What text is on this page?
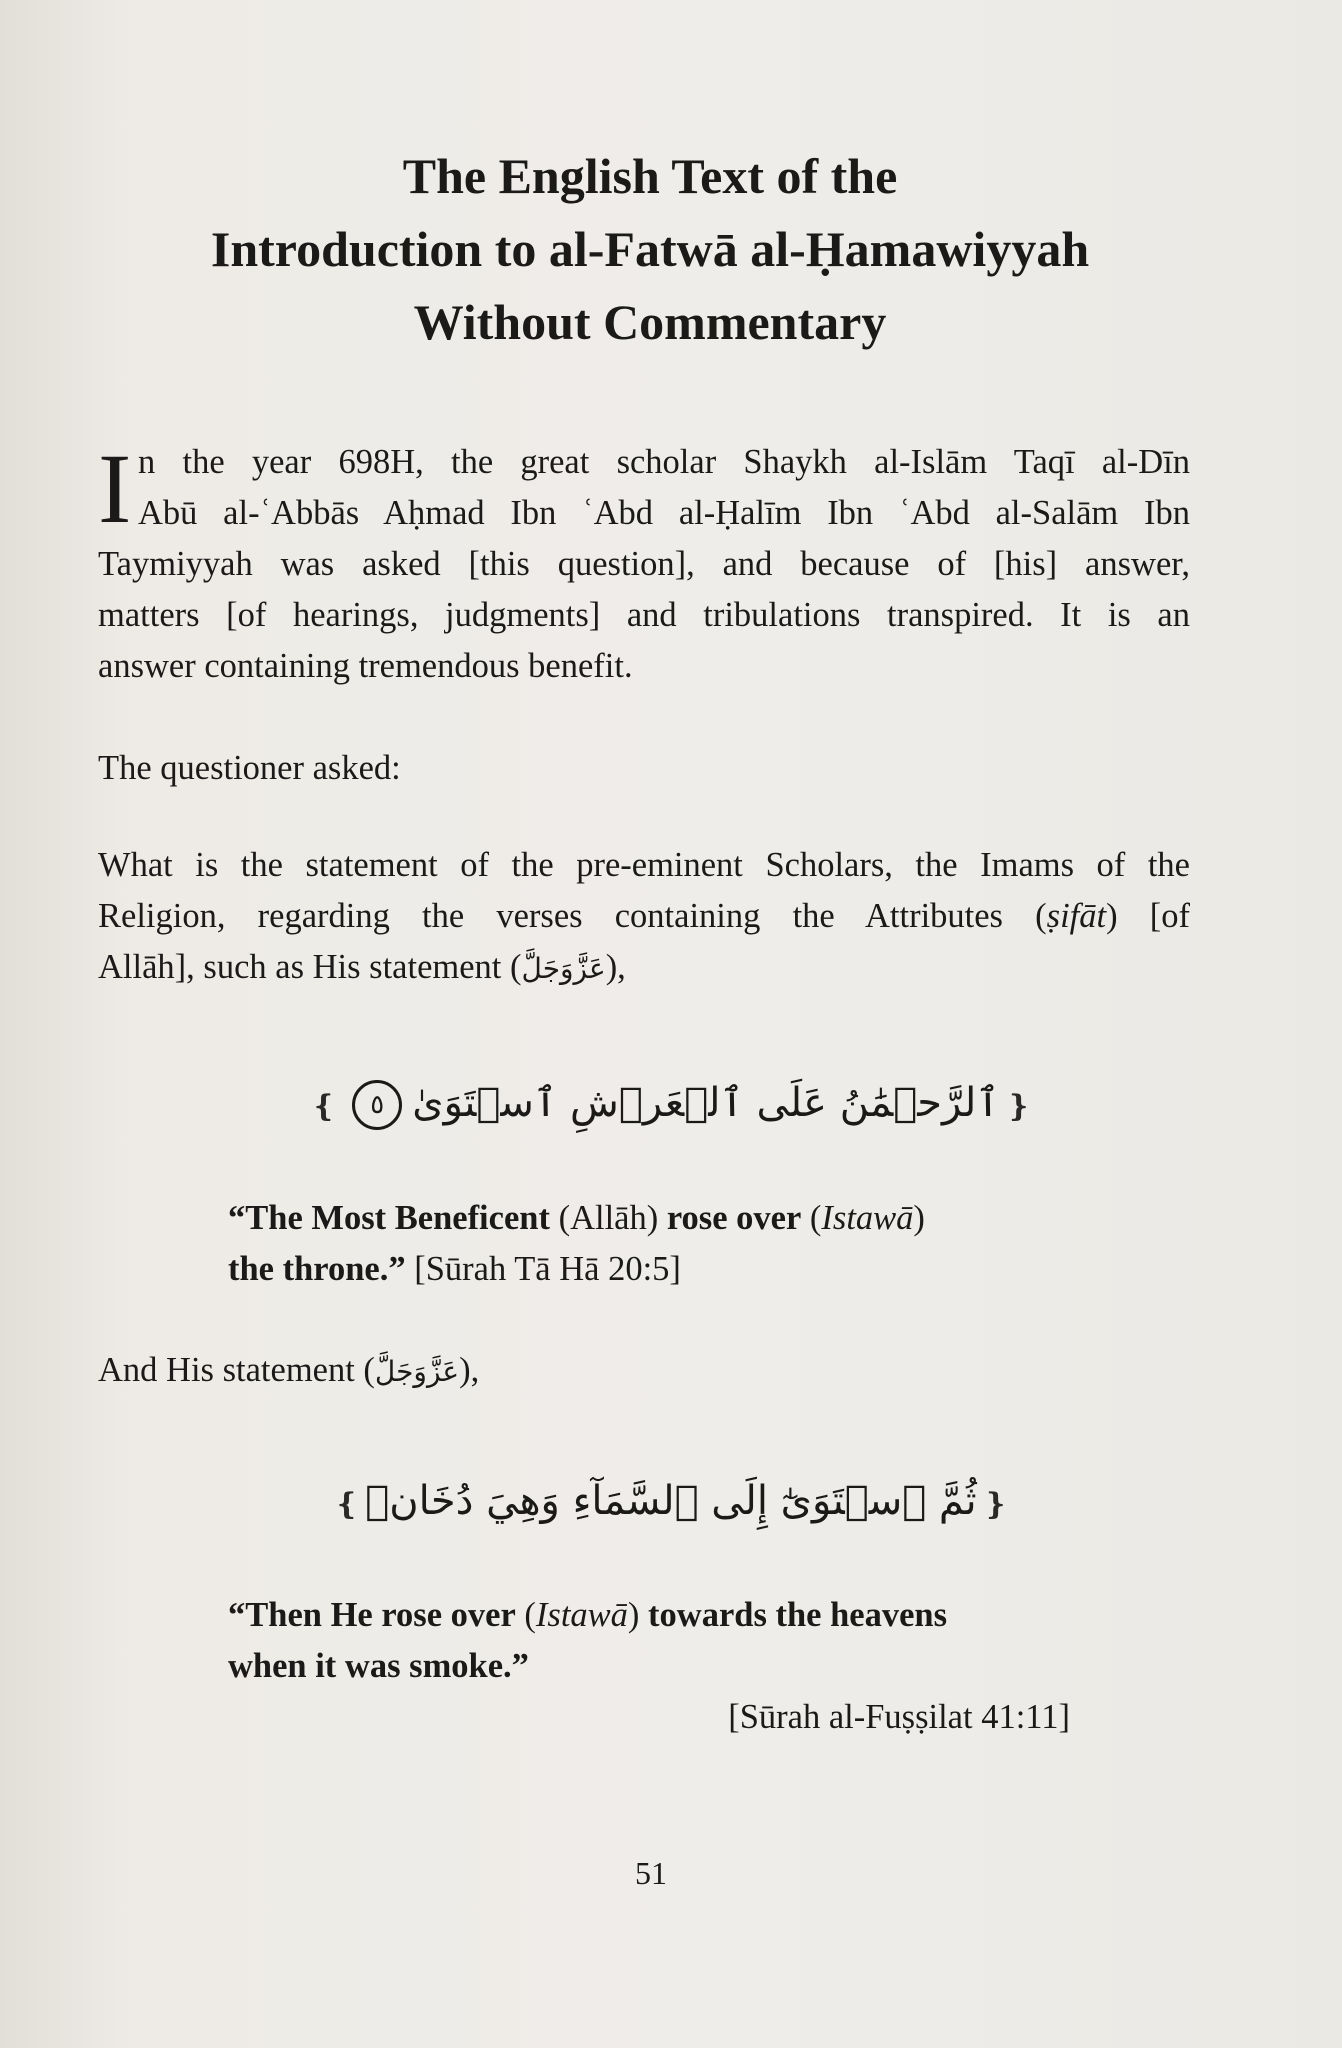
The English Text of the
Introduction to al-Fatwā al-Ḥamawiyyah
Without Commentary
I n the year 698H, the great scholar Shaykh al-Islām Taqī al-Dīn
Abū al-ʿAbbās Aḥmad Ibn ʿAbd al-Ḥalīm Ibn ʿAbd al-Salām Ibn
Taymiyyah was asked [this question], and because of [his] answer,
matters [of hearings, judgments] and tribulations transpired. It is an
answer containing tremendous benefit.
The questioner asked:
What is the statement of the pre-eminent Scholars, the Imams of the
Religion, regarding the verses containing the Attributes (ṣifāt) [of
Allāh], such as His statement (عَزَّوَجَلَّ),
❴ٱلرَّحۡمَٰنُ عَلَى ٱلۡعَرۡشِ ٱسۡتَوَىٰ٥❵
“The Most Beneficent (Allāh) rose over (Istawā)
the throne.” [Sūrah Tā Hā 20:5]
And His statement (عَزَّوَجَلَّ),
❴ثُمَّ ٱسۡتَوَىٰٓ إِلَى ٱلسَّمَآءِ وَهِيَ دُخَانٞ❵
“Then He rose over (Istawā) towards the heavens
when it was smoke.”
[Sūrah al-Fuṣṣilat 41:11]
51
